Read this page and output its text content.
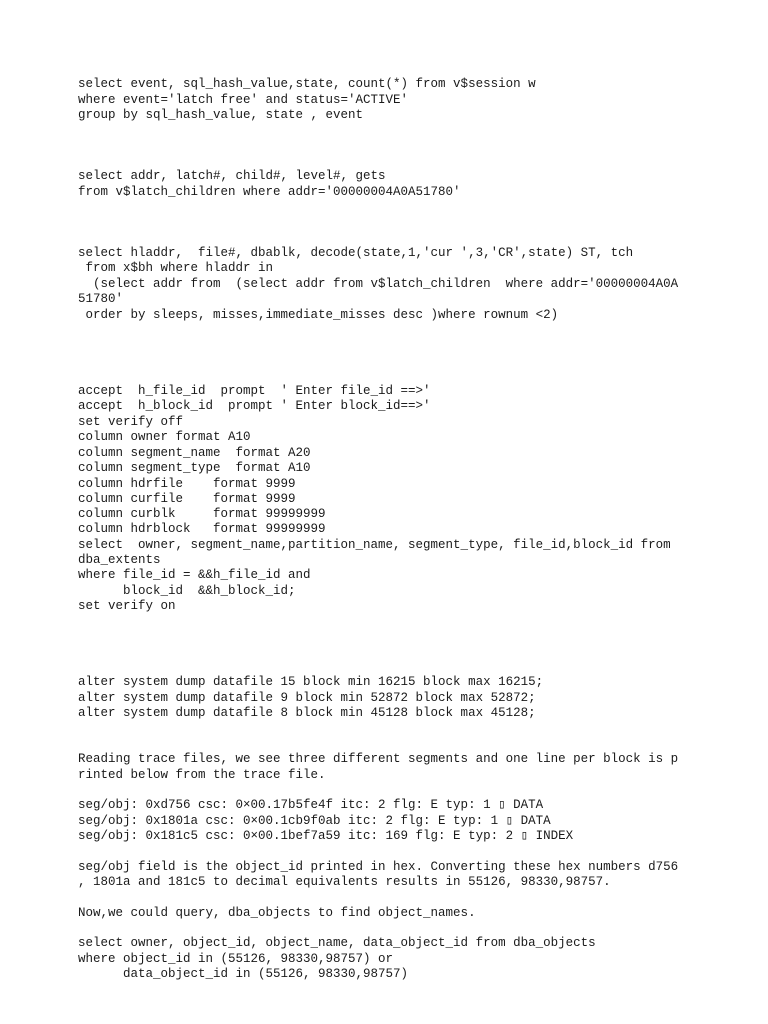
select event, sql_hash_value,state, count(*) from v$session w
where event='latch free' and status='ACTIVE'
group by sql_hash_value, state , event
select addr, latch#, child#, level#, gets
from v$latch_children where addr='00000004A0A51780'
select hladdr,  file#, dbablk, decode(state,1,'cur ',3,'CR',state) ST, tch
from x$bh where hladdr in
(select addr from  (select addr from v$latch_children  where addr='00000004A0A
51780'
order by sleeps, misses,immediate_misses desc )where rownum <2)
accept  h_file_id  prompt  ' Enter file_id ==>'
accept  h_block_id  prompt ' Enter block_id==>'
set verify off
column owner format A10
column segment_name  format A20
column segment_type  format A10
column hdrfile    format 9999
column curfile    format 9999
column curblk     format 99999999
column hdrblock   format 99999999
select  owner, segment_name,partition_name, segment_type, file_id,block_id from
dba_extents
where file_id = &&h_file_id and
block_id  &&h_block_id;
set verify on
alter system dump datafile 15 block min 16215 block max 16215;
alter system dump datafile 9 block min 52872 block max 52872;
alter system dump datafile 8 block min 45128 block max 45128;
Reading trace files, we see three different segments and one line per block is p
rinted below from the trace file.
seg/obj: 0xd756 csc: 0×00.17b5fe4f itc: 2 flg: E typ: 1 ▯ DATA
seg/obj: 0x1801a csc: 0×00.1cb9f0ab itc: 2 flg: E typ: 1 ▯ DATA
seg/obj: 0x181c5 csc: 0×00.1bef7a59 itc: 169 flg: E typ: 2 ▯ INDEX
seg/obj field is the object_id printed in hex. Converting these hex numbers d756
, 1801a and 181c5 to decimal equivalents results in 55126, 98330,98757.
Now,we could query, dba_objects to find object_names.
select owner, object_id, object_name, data_object_id from dba_objects
where object_id in (55126, 98330,98757) or
data_object_id in (55126, 98330,98757)
